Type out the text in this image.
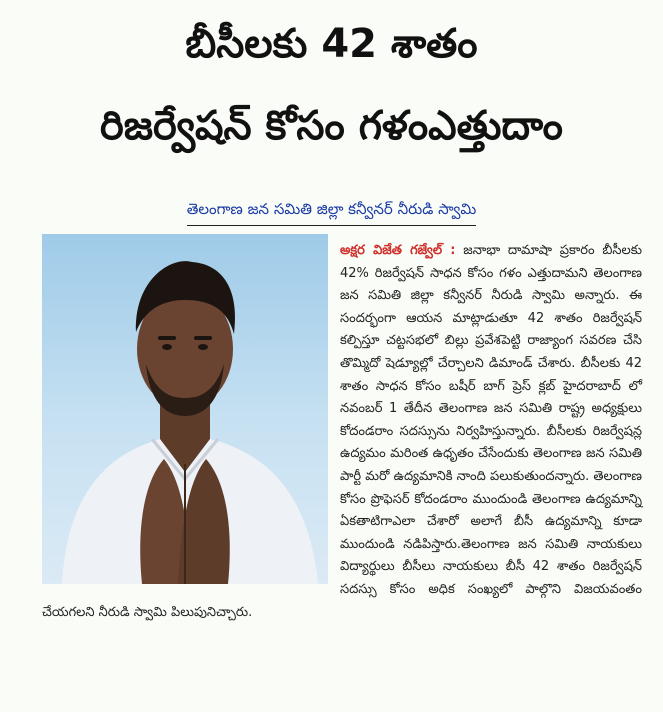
బీసీలకు 42 శాతం
రిజర్వేషన్ కోసం గళంఎత్తుదాం
తెలంగాణ జన సమితి జిల్లా కన్వీనర్ నీరుడి స్వామి
అక్షర విజేత గజ్వేల్ : జనాభా దామాషా ప్రకారం బీసీలకు 42% రిజర్వేషన్ సాధన కోసం గళం ఎత్తుదామని తెలంగాణ జన సమితి జిల్లా కన్వీనర్ నీరుడి స్వామి అన్నారు. ఈ సందర్భంగా ఆయన మాట్లాడుతూ 42 శాతం రిజర్వేషన్ కల్పిస్తూ చట్టసభలో బిల్లు ప్రవేశపెట్టి రాజ్యాంగ సవరణ చేసి తొమ్మిదో షెడ్యూల్లో చేర్చాలని డిమాండ్ చేశారు. బీసీలకు 42 శాతం సాధన కోసం బషీర్ బాగ్ ప్రెస్ క్లబ్ హైదరాబాద్ లో నవంబర్ 1 తేదీన తెలంగాణ జన సమితి రాష్ట్ర అధ్యక్షులు కోదండరాం సదస్సును నిర్వహిస్తున్నారు. బీసీలకు రిజర్వేషన్ల ఉద్యమం మరింత ఉధృతం చేసేందుకు తెలంగాణ జన సమితి పార్టీ మరో ఉద్యమానికి నాంది పలుకుతుందన్నారు. తెలంగాణ కోసం ప్రొఫెసర్ కోదండరాం ముందుండి తెలంగాణ ఉద్యమాన్ని ఏకతాటిగాఎలా చేశారో అలాగే బీసీ ఉద్యమాన్ని కూడా ముందుండి నడిపిస్తారు.తెలంగాణ జన సమితి నాయకులు విద్యార్థులు బీసీలు నాయకులు బీసీ 42 శాతం రిజర్వేషన్ సదస్సు కోసం అధిక సంఖ్యలో పాల్గొని విజయవంతం చేయగలని నీరుడి స్వామి పిలుపునిచ్చారు.
